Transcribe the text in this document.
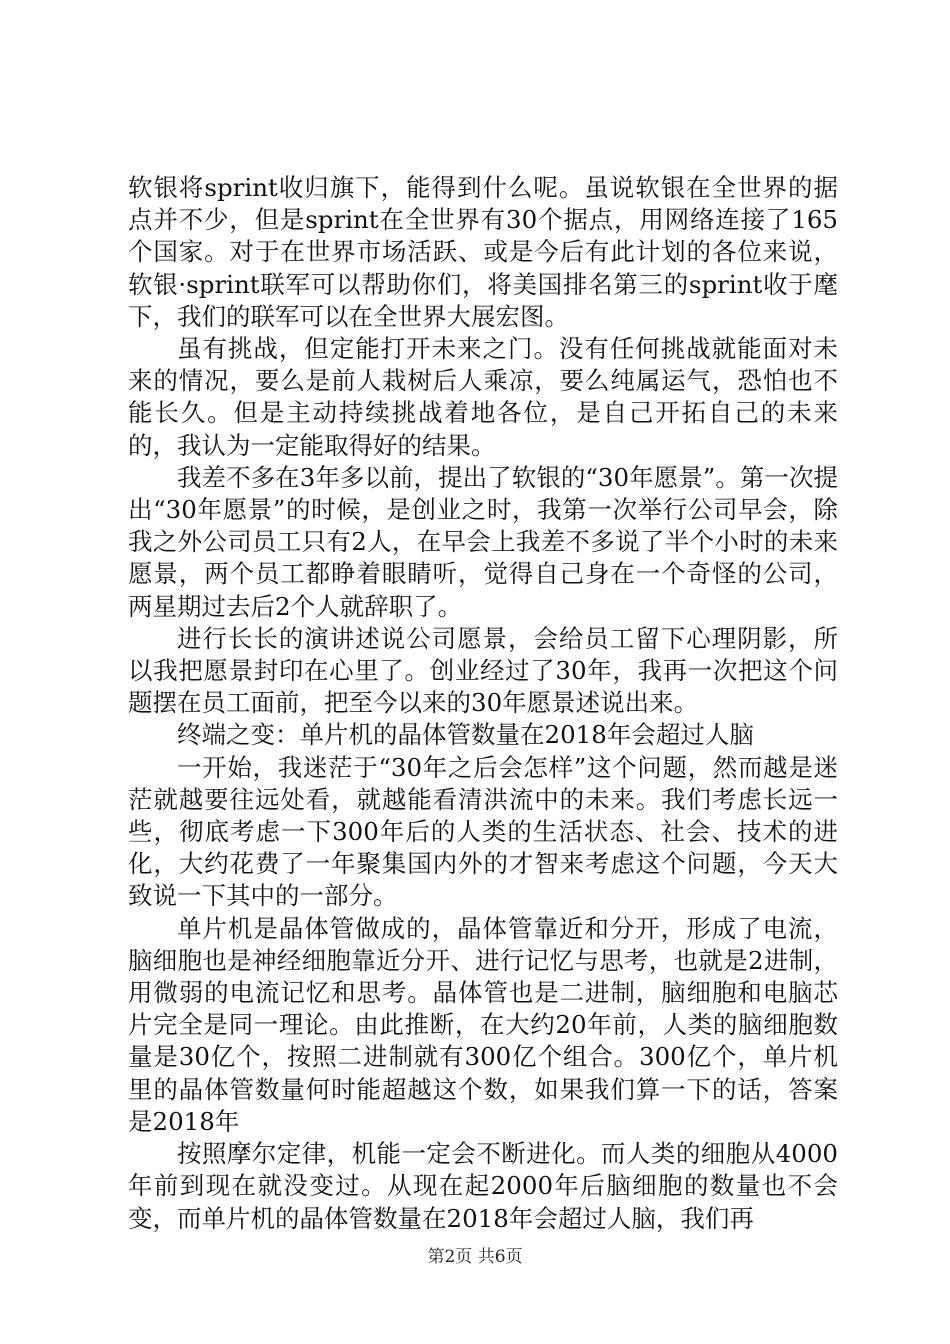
软银将sprint收归旗下，能得到什么呢。虽说软银在全世界的据点并不少，但是sprint在全世界有30个据点，用网络连接了165个国家。对于在世界市场活跃、或是今后有此计划的各位来说，软银·sprint联军可以帮助你们，将美国排名第三的sprint收于麾下，我们的联军可以在全世界大展宏图。

虽有挑战，但定能打开未来之门。没有任何挑战就能面对未来的情况，要么是前人栽树后人乘凉，要么纯属运气，恐怕也不能长久。但是主动持续挑战着地各位，是自己开拓自己的未来的，我认为一定能取得好的结果。

我差不多在3年多以前，提出了软银的“30年愿景”。第一次提出“30年愿景”的时候，是创业之时，我第一次举行公司早会，除我之外公司员工只有2人，在早会上我差不多说了半个小时的未来愿景，两个员工都睁着眼睛听，觉得自己身在一个奇怪的公司，两星期过去后2个人就辞职了。

进行长长的演讲述说公司愿景，会给员工留下心理阴影，所以我把愿景封印在心里了。创业经过了30年，我再一次把这个问题摆在员工面前，把至今以来的30年愿景述说出来。

终端之变：单片机的晶体管数量在2018年会超过人脑

一开始，我迷茫于“30年之后会怎样”这个问题，然而越是迷茫就越要往远处看，就越能看清洪流中的未来。我们考虑长远一些，彻底考虑一下300年后的人类的生活状态、社会、技术的进化，大约花费了一年聚集国内外的才智来考虑这个问题，今天大致说一下其中的一部分。

单片机是晶体管做成的，晶体管靠近和分开，形成了电流，脑细胞也是神经细胞靠近分开、进行记忆与思考，也就是2进制，用微弱的电流记忆和思考。晶体管也是二进制，脑细胞和电脑芯片完全是同一理论。由此推断，在大约20年前，人类的脑细胞数量是30亿个，按照二进制就有300亿个组合。300亿个，单片机里的晶体管数量何时能超越这个数，如果我们算一下的话，答案是2018年

按照摩尔定律，机能一定会不断进化。而人类的细胞从4000年前到现在就没变过。从现在起2000年后脑细胞的数量也不会变，而单片机的晶体管数量在2018年会超过人脑，我们再

第2页 共6页
